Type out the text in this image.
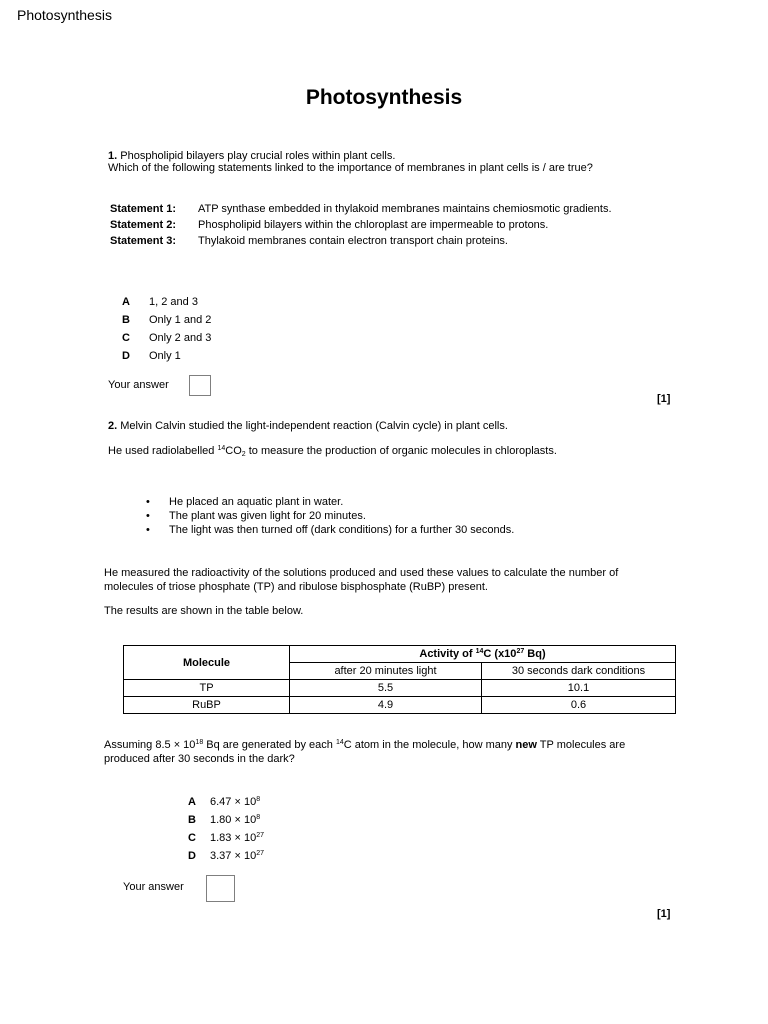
Photosynthesis
Photosynthesis
1. Phospholipid bilayers play crucial roles within plant cells.
Which of the following statements linked to the importance of membranes in plant cells is / are true?
Statement 1: ATP synthase embedded in thylakoid membranes maintains chemiosmotic gradients.
Statement 2: Phospholipid bilayers within the chloroplast are impermeable to protons.
Statement 3: Thylakoid membranes contain electron transport chain proteins.
A 1, 2 and 3
B Only 1 and 2
C Only 2 and 3
D Only 1
Your answer
[1]
2. Melvin Calvin studied the light-independent reaction (Calvin cycle) in plant cells.
He used radiolabelled $^{14}CO_2$ to measure the production of organic molecules in chloroplasts.
• He placed an aquatic plant in water.
• The plant was given light for 20 minutes.
• The light was then turned off (dark conditions) for a further 30 seconds.
He measured the radioactivity of the solutions produced and used these values to calculate the number of
molecules of triose phosphate (TP) and ribulose bisphosphate (RuBP) present.
The results are shown in the table below.
Molecule	Activity of $^{14}$C ($x10^{27}$ Bq)	
	after 20 minutes light	30 seconds dark conditions
TP	5.5	10.1
RuBP	4.9	0.6
Assuming $8.5 \times 10^{18}$ Bq are generated by each $^{14}$C atom in the molecule, how many new TP molecules are
produced after 30 seconds in the dark?
A $6.47 \times 10^8$
B $1.80 \times 10^8$
C $1.83 \times 10^{27}$
D $3.37 \times 10^{27}$
Your answer
[1]
